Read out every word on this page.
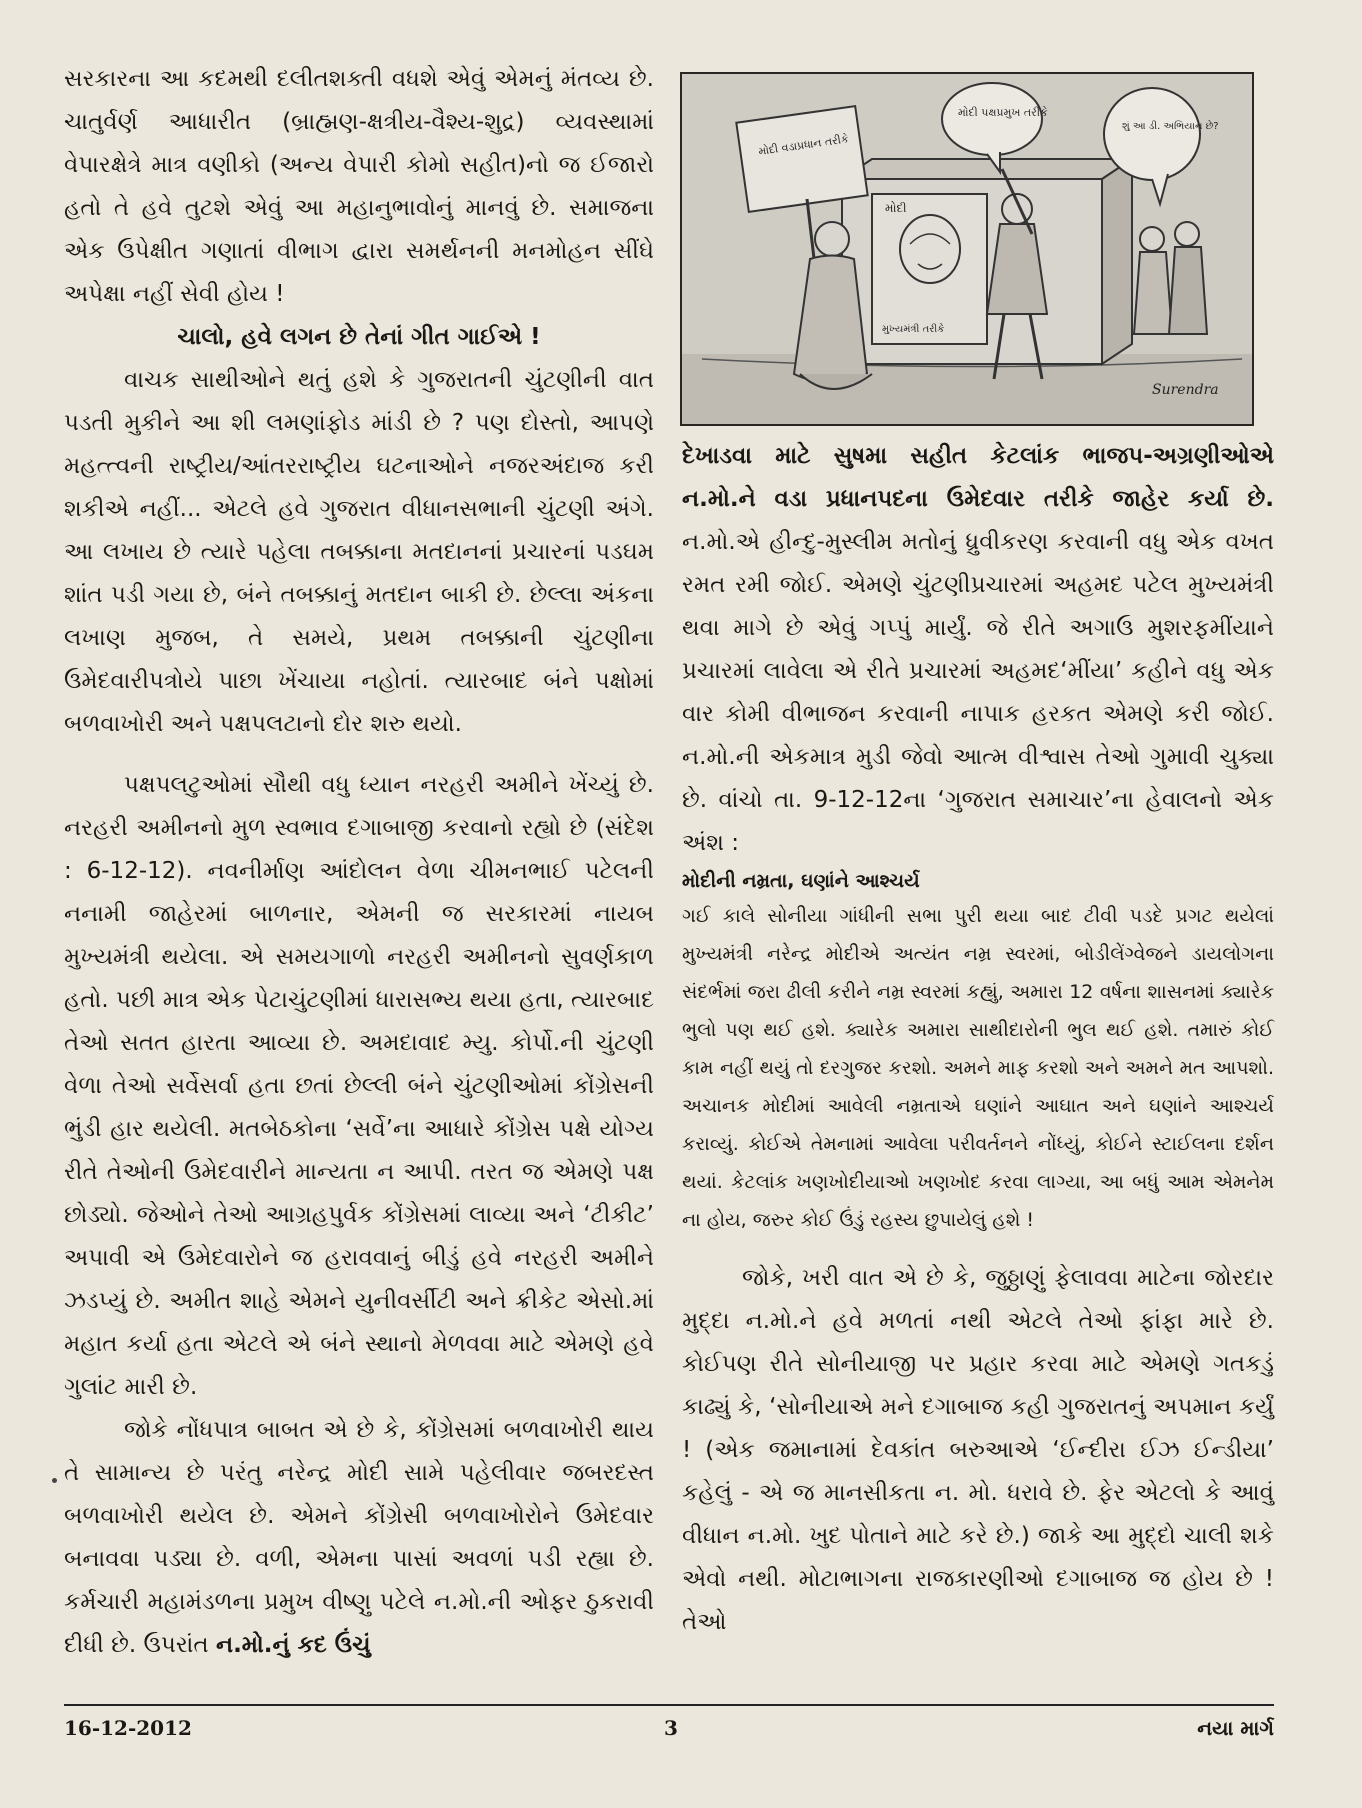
સરકારના આ કદમથી દલીતશક્તી વધશે એવું એમનું મંતવ્ય છે. ચાતુર્વર્ણ આધારીત (બ્રાહ્મણ-ક્ષત્રીય-વૈશ્ય-શુદ્ર) વ્યવસ્થામાં વેપારક્ષેત્રે માત્ર વણીકો (અન્ય વેપારી કોમો સહીત)નો જ ઈજારો હતો તે હવે તુટશે એવું આ મહાનુભાવોનું માનવું છે. સમાજના એક ઉપેક્ષીત ગણાતાં વીભાગ દ્વારા સમર્થનની મનમોહન સીંઘે અપેક્ષા નહીં સેવી હોય !

ચાલો, હવે લગન છે તેનાં ગીત ગાઈએ !

વાચક સાથીઓને થતું હશે કે ગુજરાતની ચુંટણીની વાત પડતી મુકીને આ શી લમણાંફોડ માંડી છે ? પણ દોસ્તો, આપણે મહત્ત્વની રાષ્ટ્રીય/આંતરરાષ્ટ્રીય ઘટનાઓને નજરઅંદાજ કરી શકીએ નહીં... એટલે હવે ગુજરાત વીધાનસભાની ચુંટણી અંગે. આ લખાય છે ત્યારે પહેલા તબક્કાના મતદાનનાં પ્રચારનાં પડઘમ શાંત પડી ગયા છે, બંને તબક્કાનું મતદાન બાકી છે. છેલ્લા અંકના લખાણ મુજબ, તે સમયે, પ્રથમ તબક્કાની ચુંટણીના ઉમેદવારીપત્રોયે પાછા ખેંચાયા નહોતાં. ત્યારબાદ બંને પક્ષોમાં બળવાખોરી અને પક્ષપલટાનો દોર શરુ થયો.

પક્ષપલટુઓમાં સૌથી વધુ ધ્યાન નરહરી અમીને ખેંચ્યું છે. નરહરી અમીનનો મુળ સ્વભાવ દગાબાજી કરવાનો રહ્યો છે (સંદેશ : 6-12-12). નવનીર્માણ આંદોલન વેળા ચીમનભાઈ પટેલની નનામી જાહેરમાં બાળનાર, એમની જ સરકારમાં નાયબ મુખ્યમંત્રી થયેલા. એ સમયગાળો નરહરી અમીનનો સુવર્ણકાળ હતો. પછી માત્ર એક પેટાચુંટણીમાં ધારાસભ્ય થયા હતા, ત્યારબાદ તેઓ સતત હારતા આવ્યા છે. અમદાવાદ મ્યુ. કોર્પો.ની ચુંટણી વેળા તેઓ સર્વેસર્વા હતા છતાં છેલ્લી બંને ચુંટણીઓમાં કોંગ્રેસની ભુંડી હાર થયેલી. મતબેઠકોના ‘સર્વે’ના આધારે કોંગ્રેસ પક્ષે યોગ્ય રીતે તેઓની ઉમેદવારીને માન્યતા ન આપી. તરત જ એમણે પક્ષ છોડ્યો. જેઓને તેઓ આગ્રહપુર્વક કોંગ્રેસમાં લાવ્યા અને ‘ટીકીટ’ અપાવી એ ઉમેદવારોને જ હરાવવાનું બીડું હવે નરહરી અમીને ઝડપ્યું છે. અમીત શાહે એમને યુનીવર્સીટી અને ક્રીકેટ એસો.માં મહાત કર્યા હતા એટલે એ બંને સ્થાનો મેળવવા માટે એમણે હવે ગુલાંટ મારી છે.

જોકે નોંધપાત્ર બાબત એ છે કે, કોંગ્રેસમાં બળવાખોરી થાય તે સામાન્ય છે પરંતુ નરેન્દ્ર મોદી સામે પહેલીવાર જબરદસ્ત બળવાખોરી થયેલ છે. એમને કોંગ્રેસી બળવાખોરોને ઉમેદવાર બનાવવા પડ્યા છે. વળી, એમના પાસાં અવળાં પડી રહ્યા છે. કર્મચારી મહામંડળના પ્રમુખ વીષ્ણુ પટેલે ન.મો.ની ઓફર ઠુકરાવી દીધી છે. ઉપરાંત ન.મો.નું કદ ઉંચું

મોદી
મુખ્યમંત્રી તરીકે
મોદી વડાપ્રધાન તરીકે
મોદી પક્ષપ્રમુખ તરીકે
શું આ ડી. અભિયાન છે?
Surendra

દેખાડવા માટે સુષમા સહીત કેટલાંક ભાજપ-અગ્રણીઓએ ન.મો.ને વડા પ્રધાનપદના ઉમેદવાર તરીકે જાહેર કર્યા છે. ન.મો.એ હીન્દુ-મુસ્લીમ મતોનું ધ્રુવીકરણ કરવાની વધુ એક વખત રમત રમી જોઈ. એમણે ચુંટણીપ્રચારમાં અહમદ પટેલ મુખ્યમંત્રી થવા માગે છે એવું ગપ્પું માર્યું. જે રીતે અગાઉ મુશરફમીંયાને પ્રચારમાં લાવેલા એ રીતે પ્રચારમાં અહમદ‘મીંયા’ કહીને વધુ એક વાર કોમી વીભાજન કરવાની નાપાક હરકત એમણે કરી જોઈ. ન.મો.ની એકમાત્ર મુડી જેવો આત્મ વીશ્વાસ તેઓ ગુમાવી ચુક્યા છે. વાંચો તા. 9-12-12ના ‘ગુજરાત સમાચાર’ના હેવાલનો એક અંશ :

મોદીની નમ્રતા, ઘણાંને આશ્ચર્ય

ગઈ કાલે સોનીયા ગાંધીની સભા પુરી થયા બાદ ટીવી પડદે પ્રગટ થયેલાં મુખ્યમંત્રી નરેન્દ્ર મોદીએ અત્યંત નમ્ર સ્વરમાં, બોડીલેંગ્વેજને ડાયલોગના સંદર્ભમાં જરા ઢીલી કરીને નમ્ર સ્વરમાં કહ્યું, અમારા 12 વર્ષના શાસનમાં ક્યારેક ભુલો પણ થઈ હશે. ક્યારેક અમારા સાથીદારોની ભુલ થઈ હશે. તમારું કોઈ કામ નહીં થયું તો દરગુજર કરશો. અમને માફ કરશો અને અમને મત આપશો. અચાનક મોદીમાં આવેલી નમ્રતાએ ઘણાંને આઘાત અને ઘણાંને આશ્ચર્ય કરાવ્યું. કોઈએ તેમનામાં આવેલા પરીવર્તનને નોંધ્યું, કોઈને સ્ટાઈલના દર્શન થયાં. કેટલાંક ખણખોદીયાઓ ખણખોદ કરવા લાગ્યા, આ બધું આમ એમનેમ ના હોય, જરુર કોઈ ઉંડું રહસ્ય છુપાયેલું હશે !

જોકે, ખરી વાત એ છે કે, જુઠ્ઠાણું ફેલાવવા માટેના જોરદાર મુદ્દા ન.મો.ને હવે મળતાં નથી એટલે તેઓ ફાંફા મારે છે. કોઈપણ રીતે સોનીયાજી પર પ્રહાર કરવા માટે એમણે ગતકડું કાઢ્યું કે, ‘સોનીયાએ મને દગાબાજ કહી ગુજરાતનું અપમાન કર્યું ! (એક જમાનામાં દેવકાંત બરુઆએ ‘ઈન્દીરા ઈઝ ઈન્ડીયા’ કહેલું - એ જ માનસીકતા ન. મો. ધરાવે છે. ફેર એટલો કે આવું વીધાન ન.મો. ખુદ પોતાને માટે કરે છે.) જાકે આ મુદ્દો ચાલી શકે એવો નથી. મોટાભાગના રાજકારણીઓ દગાબાજ જ હોય છે ! તેઓ

16-12-2012	3	નયા માર્ગ
